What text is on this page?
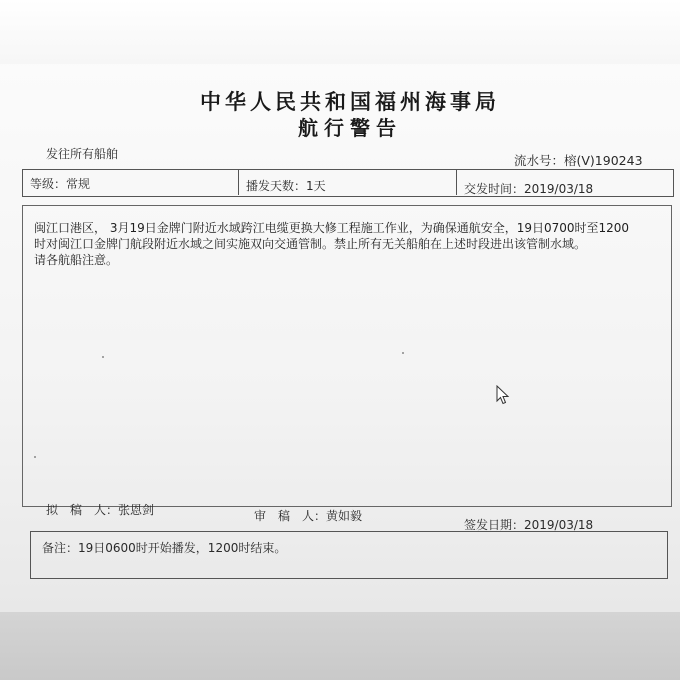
中华人民共和国福州海事局
航行警告
发往所有船舶	流水号：榕(V)190243
等级：常规	播发天数：1天	交发时间：2019/03/18
闽江口港区， 3月19日金牌门附近水域跨江电缆更换大修工程施工作业，为确保通航安全，19日0700时至1200
时对闽江口金牌门航段附近水域之间实施双向交通管制。禁止所有无关船舶在上述时段进出该管制水域。
请各航船注意。
拟　稿　人：张恩剑	审　稿　人：黄如毅
签发日期：2019/03/18
备注：19日0600时开始播发，1200时结束。
